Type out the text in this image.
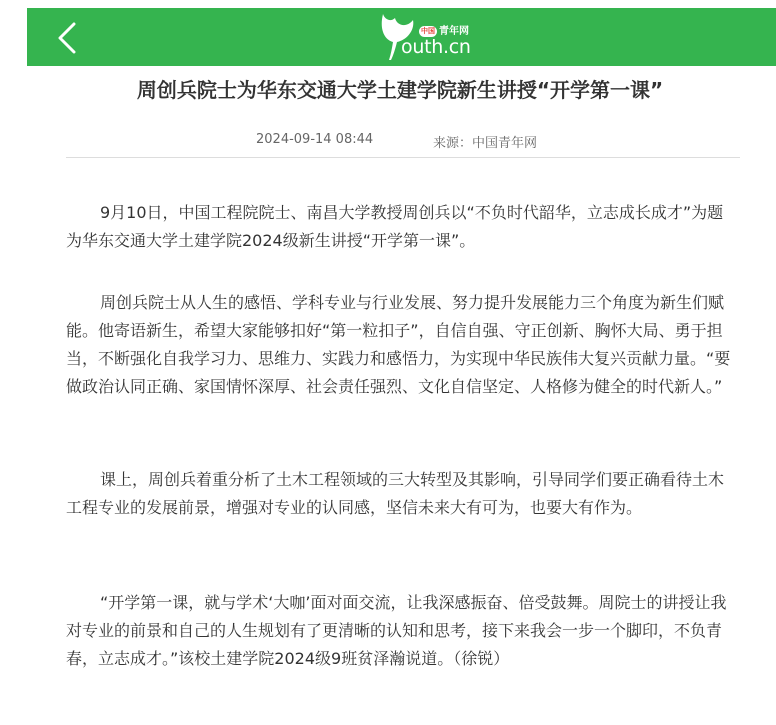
中国 青年网
outh.cn
周创兵院士为华东交通大学土建学院新生讲授“开学第一课”
2024-09-14 08:44	来源：中国青年网

9月10日，中国工程院院士、南昌大学教授周创兵以“不负时代韶华，立志成长成才”为题为华东交通大学土建学院2024级新生讲授“开学第一课”。

周创兵院士从人生的感悟、学科专业与行业发展、努力提升发展能力三个角度为新生们赋能。他寄语新生，希望大家能够扣好“第一粒扣子”，自信自强、守正创新、胸怀大局、勇于担当，不断强化自我学习力、思维力、实践力和感悟力，为实现中华民族伟大复兴贡献力量。“要做政治认同正确、家国情怀深厚、社会责任强烈、文化自信坚定、人格修为健全的时代新人。”

课上，周创兵着重分析了土木工程领域的三大转型及其影响，引导同学们要正确看待土木工程专业的发展前景，增强对专业的认同感，坚信未来大有可为，也要大有作为。

“开学第一课，就与学术‘大咖’面对面交流，让我深感振奋、倍受鼓舞。周院士的讲授让我对专业的前景和自己的人生规划有了更清晰的认知和思考，接下来我会一步一个脚印，不负青春，立志成才。”该校土建学院2024级9班贫泽瀚说道。（徐锐）
